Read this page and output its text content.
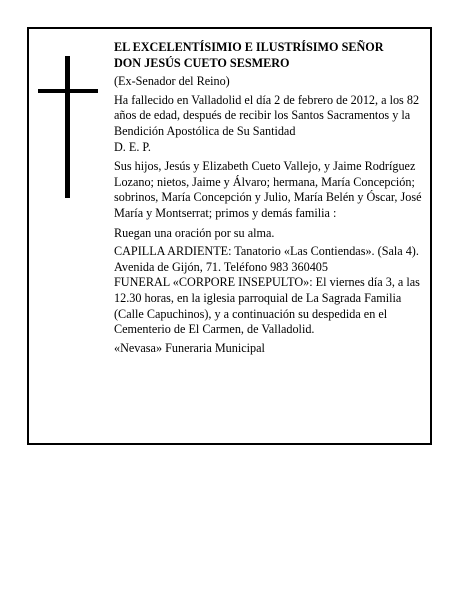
EL EXCELENTÍSIMIO E ILUSTRÍSIMO SEÑOR

DON JESÚS CUETO SESMERO

(Ex-Senador del Reino)

Ha fallecido en Valladolid el día 2 de febrero de 2012, a los 82 años de edad, después de recibir los Santos Sacramentos y la Bendición Apostólica de Su Santidad

D. E. P.

Sus hijos, Jesús y Elizabeth Cueto Vallejo, y Jaime Rodríguez Lozano; nietos, Jaime y Álvaro; hermana, María Concepción; sobrinos, María Concepción y Julio, María Belén y Óscar, José María y Montserrat; primos y demás familia :

Ruegan una oración por su alma.

CAPILLA ARDIENTE: Tanatorio «Las Contiendas». (Sala 4). Avenida de Gijón, 71. Teléfono 983 360405

FUNERAL «CORPORE INSEPULTO»: El viernes día 3, a las 12.30 horas, en la iglesia parroquial de La Sagrada Familia (Calle Capuchinos), y a continuación su despedida en el Cementerio de El Carmen, de Valladolid.

«Nevasa» Funeraria Municipal
